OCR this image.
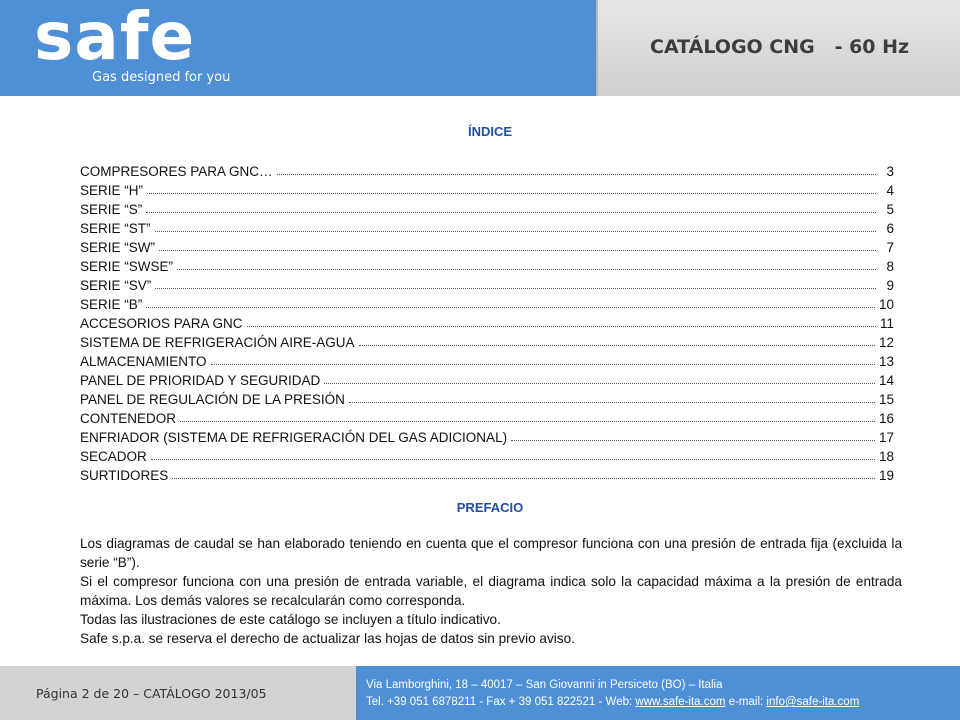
safe
Gas designed for you
CATÁLOGO CNG   - 60 Hz
ÍNDICE
COMPRESORES PARA GNC…	3
SERIE “H”	4
SERIE “S”	5
SERIE “ST”	6
SERIE “SW”	7
SERIE “SWSE”	8
SERIE “SV”	9
SERIE “B”	10
ACCESORIOS PARA GNC	11
SISTEMA DE REFRIGERACIÓN AIRE-AGUA	12
ALMACENAMIENTO	13
PANEL DE PRIORIDAD Y SEGURIDAD	14
PANEL DE REGULACIÓN DE LA PRESIÓN	15
CONTENEDOR	16
ENFRIADOR (SISTEMA DE REFRIGERACIÓN DEL GAS ADICIONAL)	17
SECADOR	18
SURTIDORES	19
PREFACIO

Los diagramas de caudal se han elaborado teniendo en cuenta que el compresor funciona con una presión de entrada fija (excluida la serie “B”).

Si el compresor funciona con una presión de entrada variable, el diagrama indica solo la capacidad máxima a la presión de entrada máxima. Los demás valores se recalcularán como corresponda.

Todas las ilustraciones de este catálogo se incluyen a título indicativo.

Safe s.p.a. se reserva el derecho de actualizar las hojas de datos sin previo aviso.

Página 2 de 20 – CATÁLOGO 2013/05
Via Lamborghini, 18 – 40017 – San Giovanni in Persiceto (BO) – Italia
Tel. +39 051 6878211 - Fax + 39 051 822521 - Web: www.safe-ita.com e-mail: info@safe-ita.com
